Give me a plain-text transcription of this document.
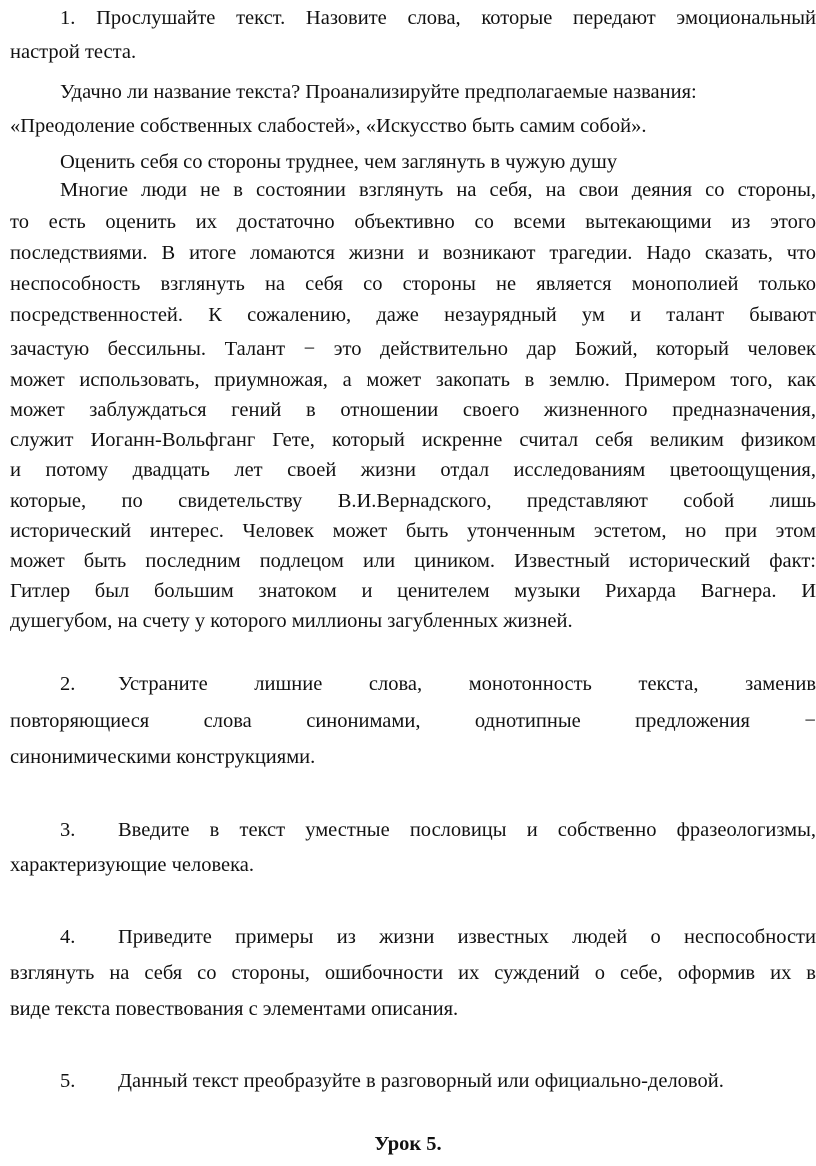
1. Прослушайте текст. Назовите слова, которые передают эмоциональный
настрой теста.
Удачно ли название текста? Проанализируйте предполагаемые названия:
«Преодоление собственных слабостей», «Искусство быть самим собой».
Оценить себя со стороны труднее, чем заглянуть в чужую душу
Многие люди не в состоянии взглянуть на себя, на свои деяния со стороны,
то есть оценить их достаточно объективно со всеми вытекающими из этого
последствиями. В итоге ломаются жизни и возникают трагедии. Надо сказать, что
неспособность взглянуть на себя со стороны не является монополией только
посредственностей. К сожалению, даже незаурядный ум и талант бывают
зачастую бессильны. Талант − это действительно дар Божий, который человек
может использовать, приумножая, а может закопать в землю. Примером того, как
может заблуждаться гений в отношении своего жизненного предназначения,
служит Иоганн-Вольфганг Гете, который искренне считал себя великим физиком
и потому двадцать лет своей жизни отдал исследованиям цветоощущения,
которые, по свидетельству В.И.Вернадского, представляют собой лишь
исторический интерес. Человек может быть утонченным эстетом, но при этом
может быть последним подлецом или циником. Известный исторический факт:
Гитлер был большим знатоком и ценителем музыки Рихарда Вагнера. И
душегубом, на счету у которого миллионы загубленных жизней.
2. Устраните лишние слова, монотонность текста, заменив
повторяющиеся слова синонимами, однотипные предложения −
синонимическими конструкциями.
3. Введите в текст уместные пословицы и собственно фразеологизмы,
характеризующие человека.
4. Приведите примеры из жизни известных людей о неспособности
взглянуть на себя со стороны, ошибочности их суждений о себе, оформив их в
виде текста повествования с элементами описания.
5. Данный текст преобразуйте в разговорный или официально-деловой.
Урок 5.
